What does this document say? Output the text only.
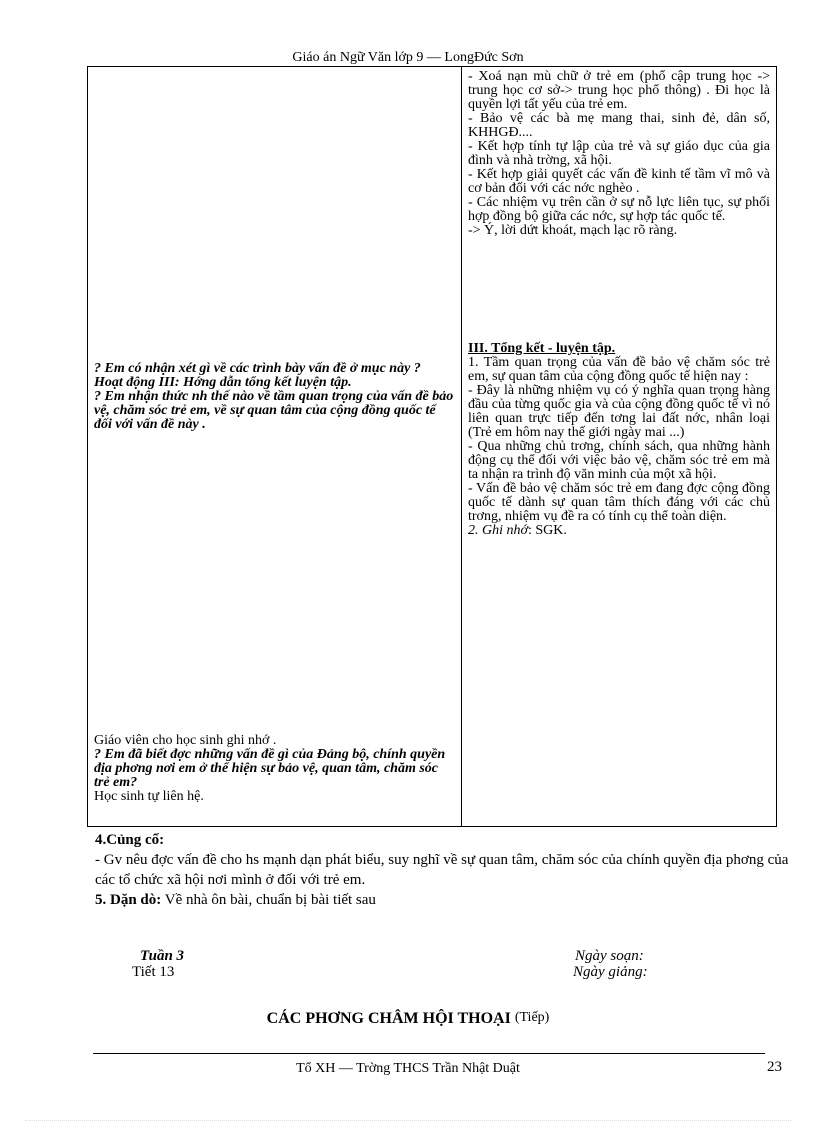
Giáo án Ngữ Văn lớp 9 — LongĐức Sơn

- Xoá nạn mù chữ ở trẻ em (phổ cập trung học -> trung học cơ sở-> trung học phổ thông) . Đi học là quyền lợi tất yếu của trẻ em.

- Bảo vệ các bà mẹ mang thai, sinh đẻ, dân số, KHHGĐ....

- Kết hợp tính tự lập của trẻ và sự giáo dục của gia đình và nhà trờng, xã hội.

- Kết hợp giải quyết các vấn đề kinh tế tầm vĩ mô và cơ bản đối với các nớc nghèo .

- Các nhiệm vụ trên cần ở sự nỗ lực liên tục, sự phối hợp đồng bộ giữa các nớc, sự hợp tác quốc tế.

-> Ý, lời dứt khoát, mạch lạc rõ ràng.

? Em có nhận xét gì về các trình bày vấn đề ở mục này ?

Hoạt động III: Hớng dẫn tổng kết luyện tập.

? Em nhận thức nh thế nào về tầm quan trọng của vấn đề bảo vệ, chăm sóc trẻ em, về sự quan tâm của cộng đồng quốc tế đối với vấn đề này .

III. Tổng kết - luyện tập.

1. Tầm quan trọng của vấn đề bảo vệ chăm sóc trẻ em, sự quan tâm của cộng đồng quốc tế hiện nay :

- Đây là những nhiệm vụ có ý nghĩa quan trọng hàng đầu của từng quốc gia và của cộng đồng quốc tế vì nó liên quan trực tiếp đến tơng lai đất nớc, nhân loại (Trẻ em hôm nay thế giới ngày mai ...)

- Qua những chủ trơng, chính sách, qua những hành động cụ thể đối với việc bảo vệ, chăm sóc trẻ em mà ta nhận ra trình độ văn minh của một xã hội.

- Vấn đề bảo vệ chăm sóc trẻ em đang đợc cộng đồng quốc tế dành sự quan tâm thích đáng với các chủ trơng, nhiệm vụ đề ra có tính cụ thể toàn diện.

2. Ghi nhớ: SGK.

Giáo viên cho học sinh ghi nhớ .

? Em đã biết đợc những vấn đề gì của Đảng bộ, chính quyền địa phơng nơi em ở thể hiện sự bảo vệ, quan tâm, chăm sóc trẻ em?

Học sinh tự liên hệ.

4.Củng cố:

- Gv nêu đợc vấn đề cho hs mạnh dạn phát biểu, suy nghĩ về sự quan tâm, chăm sóc của chính quyền địa phơng của các tổ chức xã hội nơi mình ở đối với trẻ em.

5. Dặn dò: Về nhà ôn bài, chuẩn bị bài tiết sau

Tuần 3
Tiết 13
Ngày soạn:
Ngày giảng:
CÁC PHƠNG CHÂM HỘI THOẠI (Tiếp)
Tổ XH — Trờng THCS Trần Nhật Duật	23
